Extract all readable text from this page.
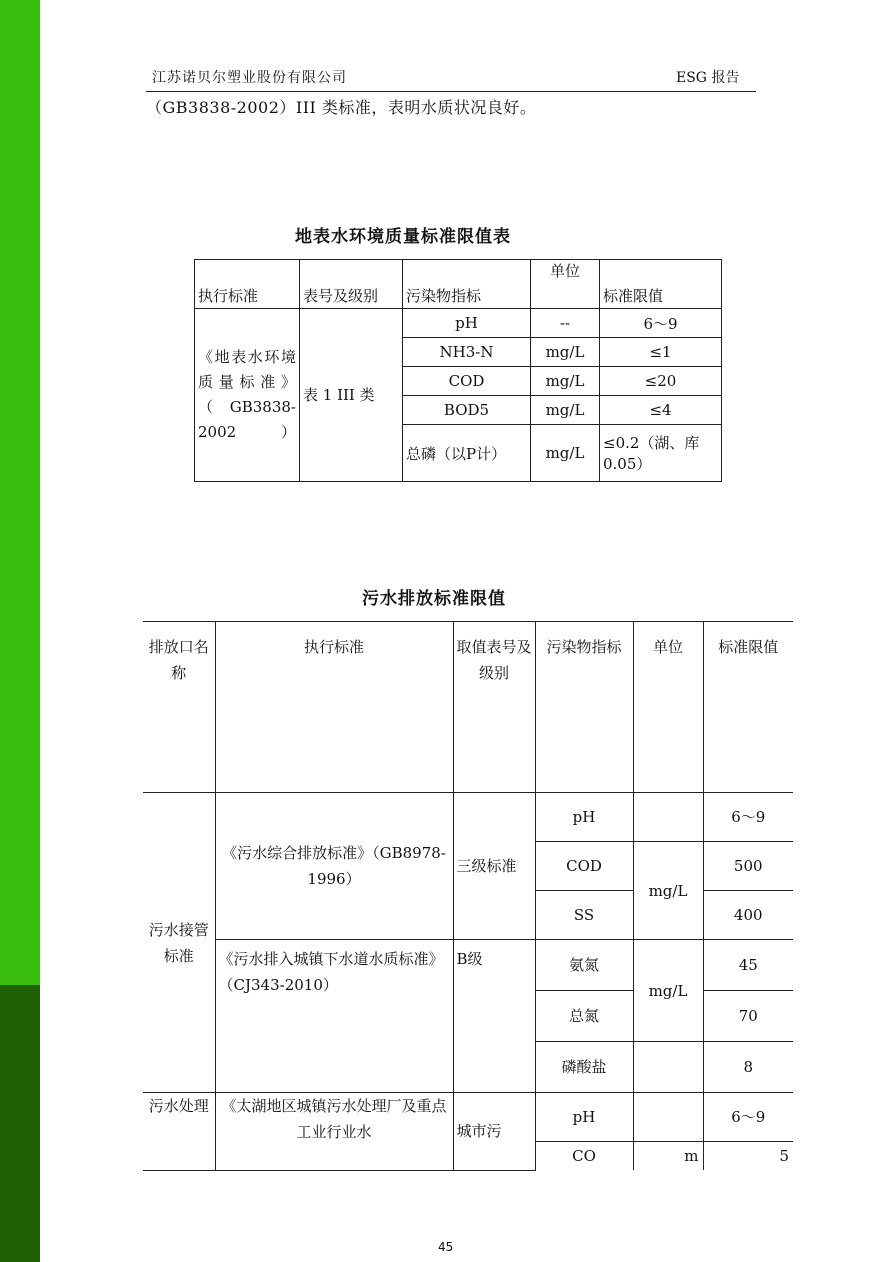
江苏诺贝尔塑业股份有限公司	ESG 报告
（GB3838-2002）III 类标准，表明水质状况良好。
地表水环境质量标准限值表
执行标准	表号及级别	污染物指标	单位	标准限值
《地表水环境质量标准》（GB3838-2002）	表 1 III 类	pH	--	6～9
		NH3-N	mg/L	≤1
		COD	mg/L	≤20
		BOD5	mg/L	≤4
		总磷（以P计）	mg/L	≤0.2（湖、库 0.05）
污水排放标准限值
排放口名称	执行标准	取值表号及级别	污染物指标	单位	标准限值
污水接管标准	《污水综合排放标准》（GB8978-1996）	三级标准	pH		6～9
			COD	mg/L	500
			SS		400
	《污水排入城镇下水道水质标准》（CJ343-2010）	B级	氨氮	mg/L	45
			总氮		70
			磷酸盐		8
污水处理	《太湖地区城镇污水处理厂及重点工业行业水	城市污	pH		6～9
			CO	m	5
45
